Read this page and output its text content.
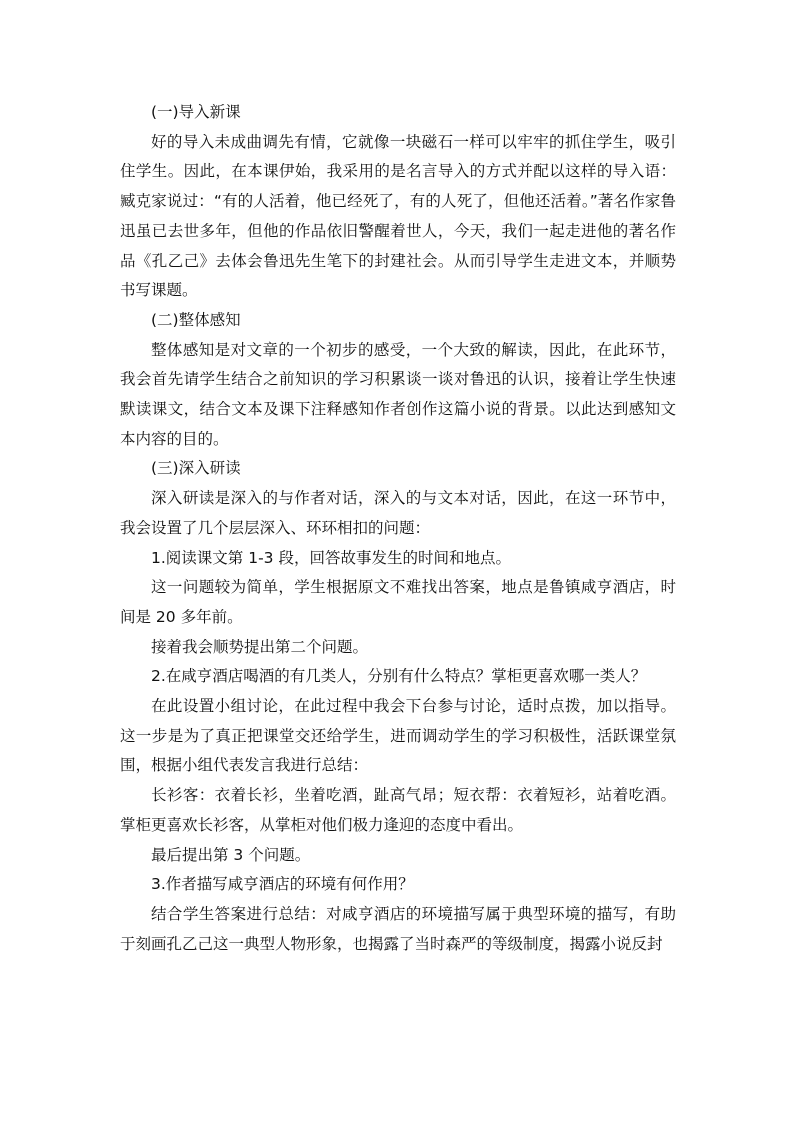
(一)导入新课

好的导入未成曲调先有情，它就像一块磁石一样可以牢牢的抓住学生，吸引住学生。因此，在本课伊始，我采用的是名言导入的方式并配以这样的导入语：臧克家说过：“有的人活着，他已经死了，有的人死了，但他还活着。”著名作家鲁迅虽已去世多年，但他的作品依旧警醒着世人，今天，我们一起走进他的著名作品《孔乙己》去体会鲁迅先生笔下的封建社会。从而引导学生走进文本，并顺势书写课题。

(二)整体感知

整体感知是对文章的一个初步的感受，一个大致的解读，因此，在此环节，我会首先请学生结合之前知识的学习积累谈一谈对鲁迅的认识，接着让学生快速默读课文，结合文本及课下注释感知作者创作这篇小说的背景。以此达到感知文本内容的目的。

(三)深入研读

深入研读是深入的与作者对话，深入的与文本对话，因此，在这一环节中，我会设置了几个层层深入、环环相扣的问题：

1.阅读课文第 1-3 段，回答故事发生的时间和地点。

这一问题较为简单，学生根据原文不难找出答案，地点是鲁镇咸亨酒店，时间是 20 多年前。

接着我会顺势提出第二个问题。

2.在咸亨酒店喝酒的有几类人，分别有什么特点？掌柜更喜欢哪一类人？

在此设置小组讨论，在此过程中我会下台参与讨论，适时点拨，加以指导。这一步是为了真正把课堂交还给学生，进而调动学生的学习积极性，活跃课堂氛围，根据小组代表发言我进行总结：

长衫客：衣着长衫，坐着吃酒，趾高气昂；短衣帮：衣着短衫，站着吃酒。掌柜更喜欢长衫客，从掌柜对他们极力逢迎的态度中看出。

最后提出第 3 个问题。

3.作者描写咸亨酒店的环境有何作用？

结合学生答案进行总结：对咸亨酒店的环境描写属于典型环境的描写，有助于刻画孔乙己这一典型人物形象，也揭露了当时森严的等级制度，揭露小说反封
